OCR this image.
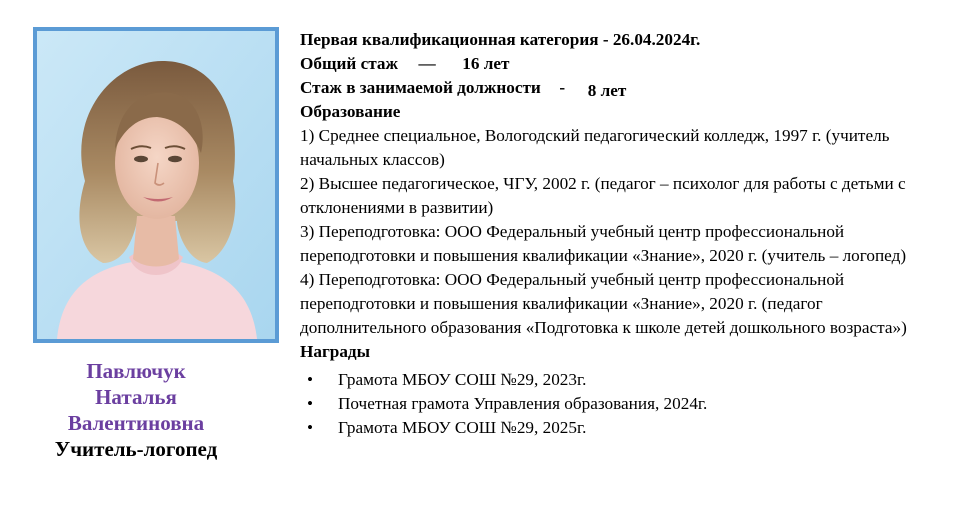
Павлючук
Наталья
Валентиновна
Учитель-логопед
Первая квалификационная категория - 26.04.2024г.
Общий стаж — 16 лет
Стаж в занимаемой должности - 8 лет
Образование
1) Среднее специальное, Вологодский педагогический колледж, 1997 г. (учитель начальных классов)
2) Высшее педагогическое, ЧГУ, 2002 г. (педагог – психолог для работы с детьми с отклонениями в развитии)
3) Переподготовка: ООО Федеральный учебный центр профессиональной переподготовки и повышения квалификации «Знание», 2020 г. (учитель – логопед)
4) Переподготовка: ООО Федеральный учебный центр профессиональной переподготовки и повышения квалификации «Знание», 2020 г. (педагог дополнительного образования «Подготовка к школе детей дошкольного возраста»)
Награды
• Грамота МБОУ СОШ №29, 2023г.
• Почетная грамота Управления образования, 2024г.
• Грамота МБОУ СОШ №29, 2025г.
